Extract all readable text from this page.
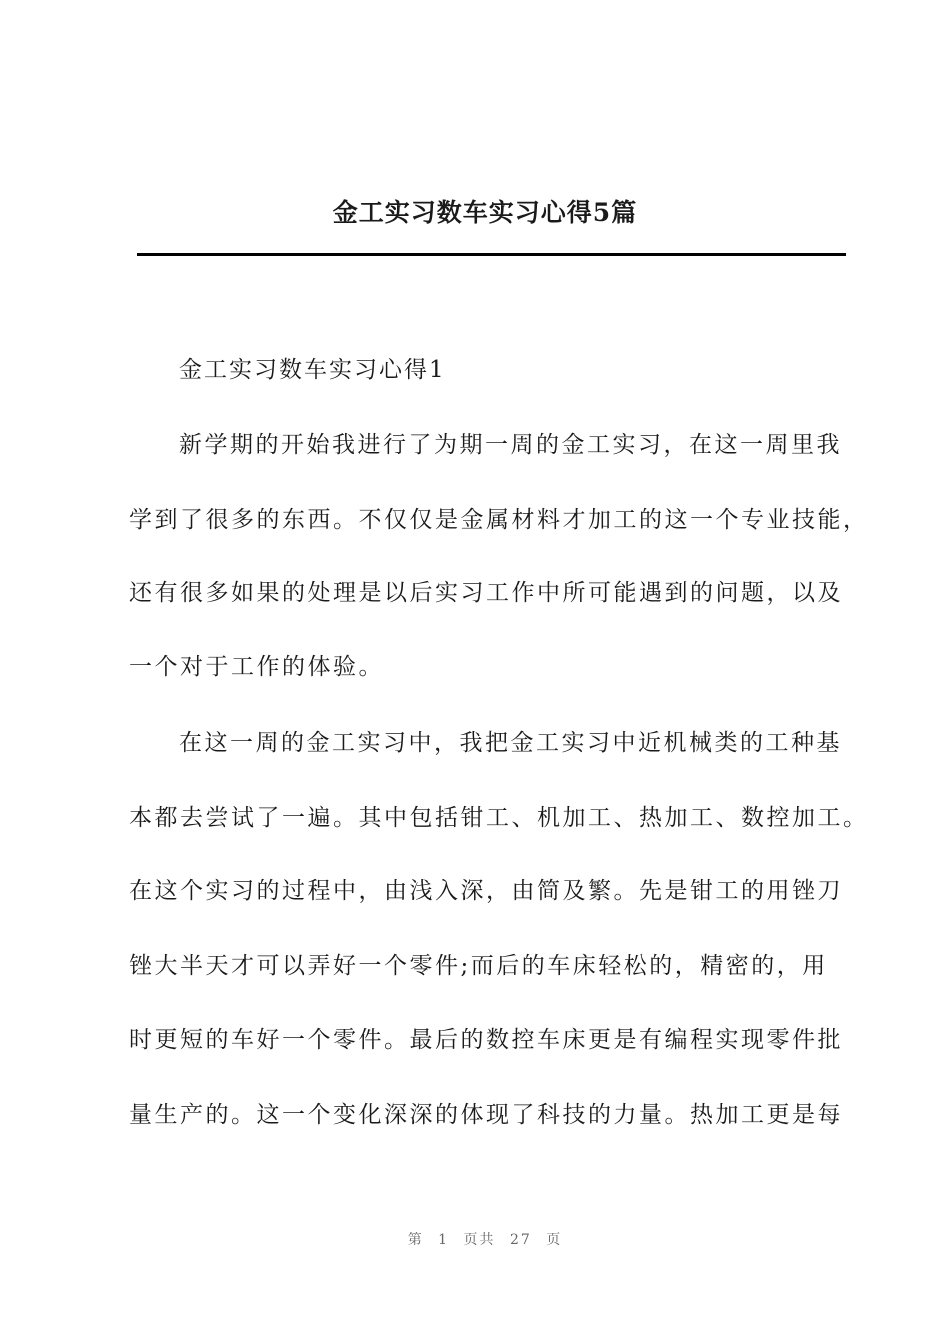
金工实习数车实习心得5篇
金工实习数车实习心得1
新学期的开始我进行了为期一周的金工实习，在这一周里我
学到了很多的东西。不仅仅是金属材料才加工的这一个专业技能，
还有很多如果的处理是以后实习工作中所可能遇到的问题，以及
一个对于工作的体验。
在这一周的金工实习中，我把金工实习中近机械类的工种基
本都去尝试了一遍。其中包括钳工、机加工、热加工、数控加工。
在这个实习的过程中，由浅入深，由简及繁。先是钳工的用锉刀
锉大半天才可以弄好一个零件;而后的车床轻松的，精密的，用
时更短的车好一个零件。最后的数控车床更是有编程实现零件批
量生产的。这一个变化深深的体现了科技的力量。热加工更是每
第 1 页共 27 页
